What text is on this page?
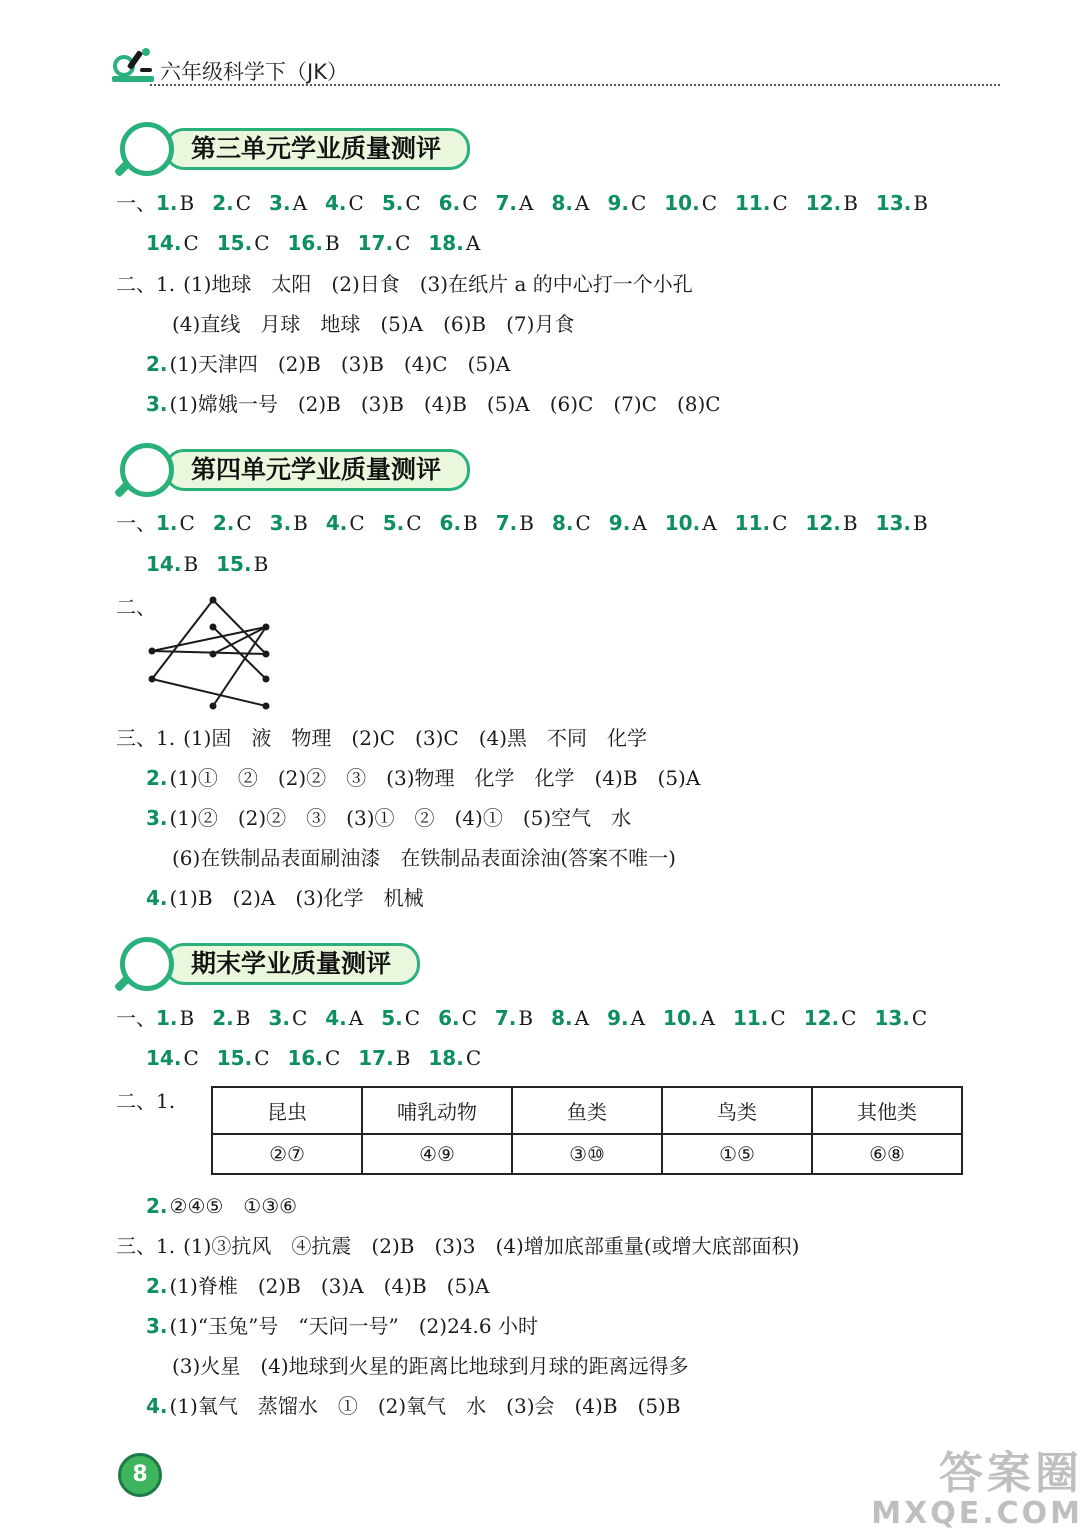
六年级科学下（JK）
第三单元学业质量测评
一、1. B 2. C 3. A 4. C 5. C 6. C 7. A 8. A 9. C 10. C 11. C 12. B 13. B
14. C 15. C 16. B 17. C 18. A
二、1. (1)地球　太阳　(2)日食　(3)在纸片 a 的中心打一个小孔
(4)直线　月球　地球　(5)A　(6)B　(7)月食
2. (1)天津四　(2)B　(3)B　(4)C　(5)A
3. (1)嫦娥一号　(2)B　(3)B　(4)B　(5)A　(6)C　(7)C　(8)C
第四单元学业质量测评
一、1. C 2. C 3. B 4. C 5. C 6. B 7. B 8. C 9. A 10. A 11. C 12. B 13. B
14. B 15. B
二、
三、1. (1)固　液　物理　(2)C　(3)C　(4)黑　不同　化学
2. (1)①　②　(2)②　③　(3)物理　化学　化学　(4)B　(5)A
3. (1)②　(2)②　③　(3)①　②　(4)①　(5)空气　水
(6)在铁制品表面刷油漆　在铁制品表面涂油(答案不唯一)
4. (1)B　(2)A　(3)化学　机械
期末学业质量测评
一、1. B 2. B 3. C 4. A 5. C 6. C 7. B 8. A 9. A 10. A 11. C 12. C 13. C
14. C 15. C 16. C 17. B 18. C
二、1.	昆虫	哺乳动物	鱼类	鸟类	其他类
②⑦	④⑨	③⑩	①⑤	⑥⑧
2. ②④⑤　①③⑥
三、1. (1)③抗风　④抗震　(2)B　(3)3　(4)增加底部重量(或增大底部面积)
2. (1)脊椎　(2)B　(3)A　(4)B　(5)A
3. (1)“玉兔”号　“天问一号”　(2)24.6 小时
(3)火星　(4)地球到火星的距离比地球到月球的距离远得多
4. (1)氧气　蒸馏水　①　(2)氧气　水　(3)会　(4)B　(5)B
8	答案圈
MXQE.COM
